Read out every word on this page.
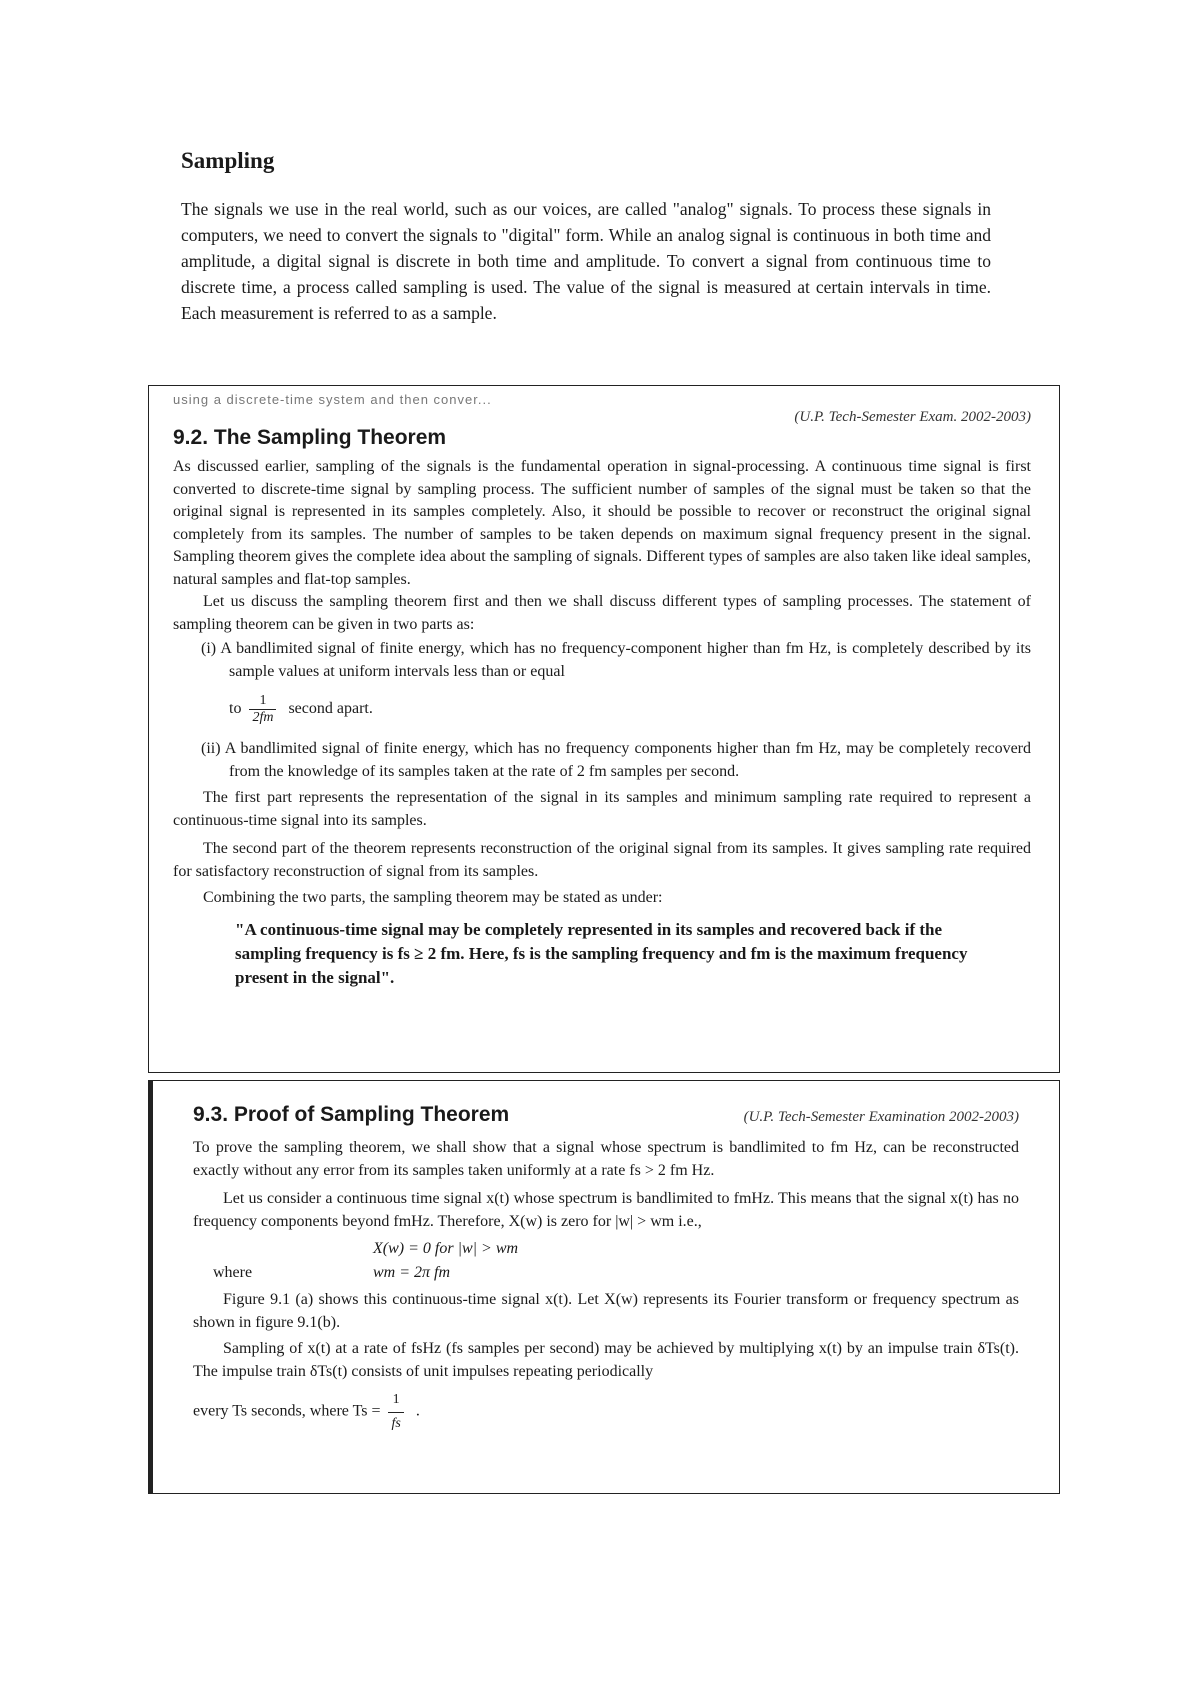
Sampling

The signals we use in the real world, such as our voices, are called "analog" signals. To process these signals in computers, we need to convert the signals to "digital" form. While an analog signal is continuous in both time and amplitude, a digital signal is discrete in both time and amplitude. To convert a signal from continuous time to discrete time, a process called sampling is used. The value of the signal is measured at certain intervals in time. Each measurement is referred to as a sample.

using a discrete-time system and then conver...
(U.P. Tech-Semester Exam. 2002-2003)
9.2. The Sampling Theorem

As discussed earlier, sampling of the signals is the fundamental operation in signal-processing. A continuous time signal is first converted to discrete-time signal by sampling process. The sufficient number of samples of the signal must be taken so that the original signal is represented in its samples completely. Also, it should be possible to recover or reconstruct the original signal completely from its samples. The number of samples to be taken depends on maximum signal frequency present in the signal. Sampling theorem gives the complete idea about the sampling of signals. Different types of samples are also taken like ideal samples, natural samples and flat-top samples.

Let us discuss the sampling theorem first and then we shall discuss different types of sampling processes. The statement of sampling theorem can be given in two parts as:

(i) A bandlimited signal of finite energy, which has no frequency-component higher than fm Hz, is completely described by its sample values at uniform intervals less than or equal

to $\frac{1}{2fm}$ second apart.

(ii) A bandlimited signal of finite energy, which has no frequency components higher than fm Hz, may be completely recoverd from the knowledge of its samples taken at the rate of 2 fm samples per second.

The first part represents the representation of the signal in its samples and minimum sampling rate required to represent a continuous-time signal into its samples.

The second part of the theorem represents reconstruction of the original signal from its samples. It gives sampling rate required for satisfactory reconstruction of signal from its samples.

Combining the two parts, the sampling theorem may be stated as under:

"A continuous-time signal may be completely represented in its samples and recovered back if the sampling frequency is fs ≥ 2 fm. Here, fs is the sampling frequency and fm is the maximum frequency present in the signal".
9.3. Proof of Sampling Theorem	(U.P. Tech-Semester Examination 2002-2003)

To prove the sampling theorem, we shall show that a signal whose spectrum is bandlimited to fm Hz, can be reconstructed exactly without any error from its samples taken uniformly at a rate fs > 2 fm Hz.

Let us consider a continuous time signal x(t) whose spectrum is bandlimited to fmHz. This means that the signal x(t) has no frequency components beyond fmHz. Therefore, X(w) is zero for |w| > wm i.e.,

X(w) = 0 for |w| > wm
where	wm = 2π fm

Figure 9.1 (a) shows this continuous-time signal x(t). Let X(w) represents its Fourier transform or frequency spectrum as shown in figure 9.1(b).

Sampling of x(t) at a rate of fsHz (fs samples per second) may be achieved by multiplying x(t) by an impulse train δTs(t). The impulse train δTs(t) consists of unit impulses repeating periodically

every Ts seconds, where $Ts = \frac{1}{fs}$ .
